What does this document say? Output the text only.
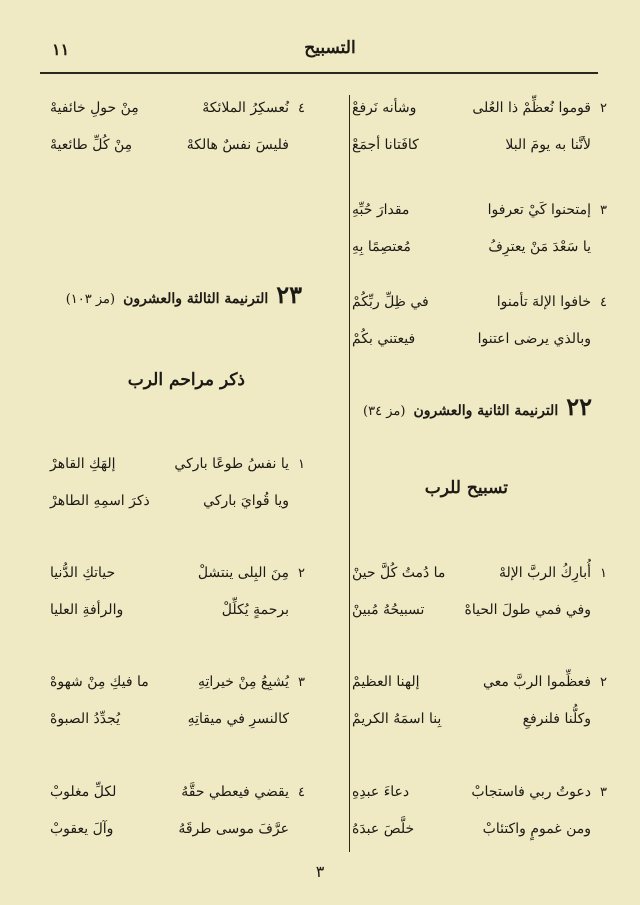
التسبيح
١١
٢قوموا نُعظِّمْ ذا العُلى
وشأنه نَرفعْ
لأنَّنا به يومَ البلا
كافَتانا أجمَعْ
٣إمتحنوا كَيْ تعرفوا
مقدارَ حُبِّهِ
يا سَعْدَ مَنْ يعترِفُ
مُعتصِمًا بِهِ
٤خافوا الإلهَ تأمنوا
في ظِلِّ ربِّكُمْ
وبالذي يرضى اعتنوا
فيعتني بكُمْ
٢٢
الترنيمة الثانية والعشرون
(مز ٣٤)
تسبيح للرب
١أُبارِكُ الربَّ الإلهْ
ما دُمتُ كُلَّ حينْ
وفي فمي طولَ الحياهْ
تسبيحُهُ مُبينْ
٢فعظِّموا الربَّ معي
إلهنا العظيمْ
وكلُّنا فلنرفعِ
بِنا اسمَهُ الكريمْ
٣دعوتُ ربي فاستجابْ
دعاءَ عبدِهِ
ومن غمومٍ واكتئابْ
خلَّصَ عبدَهُ
٤نُعسكِرُ الملائكهْ
مِنْ حولِ خائفيهْ
فليسَ نفسٌ هالكهْ
مِنْ كُلِّ طائعيهْ
٢٣
الترنيمة الثالثة والعشرون
(مز ١٠٣)
ذكر مراحم الرب
١يا نفسُ طوعًا باركي
إلهَكِ القاهرْ
ويا قُوايَ باركي
ذكرَ اسمِهِ الطاهرْ
٢مِنَ البِلى ينتشلْ
حياتكِ الدُّنيا
برحمةٍ يُكلِّلْ
والرأفةِ العليا
٣يُشبِعُ مِنْ خيراتِهِ
ما فيكِ مِنْ شهوهْ
كالنسرِ في ميقاتِهِ
يُجدِّدُ الصبوهْ
٤يقضي فيعطي حقَّهُ
لكلِّ مغلوبْ
عرَّفَ موسى طرقَهُ
وآلَ يعقوبْ
٣
